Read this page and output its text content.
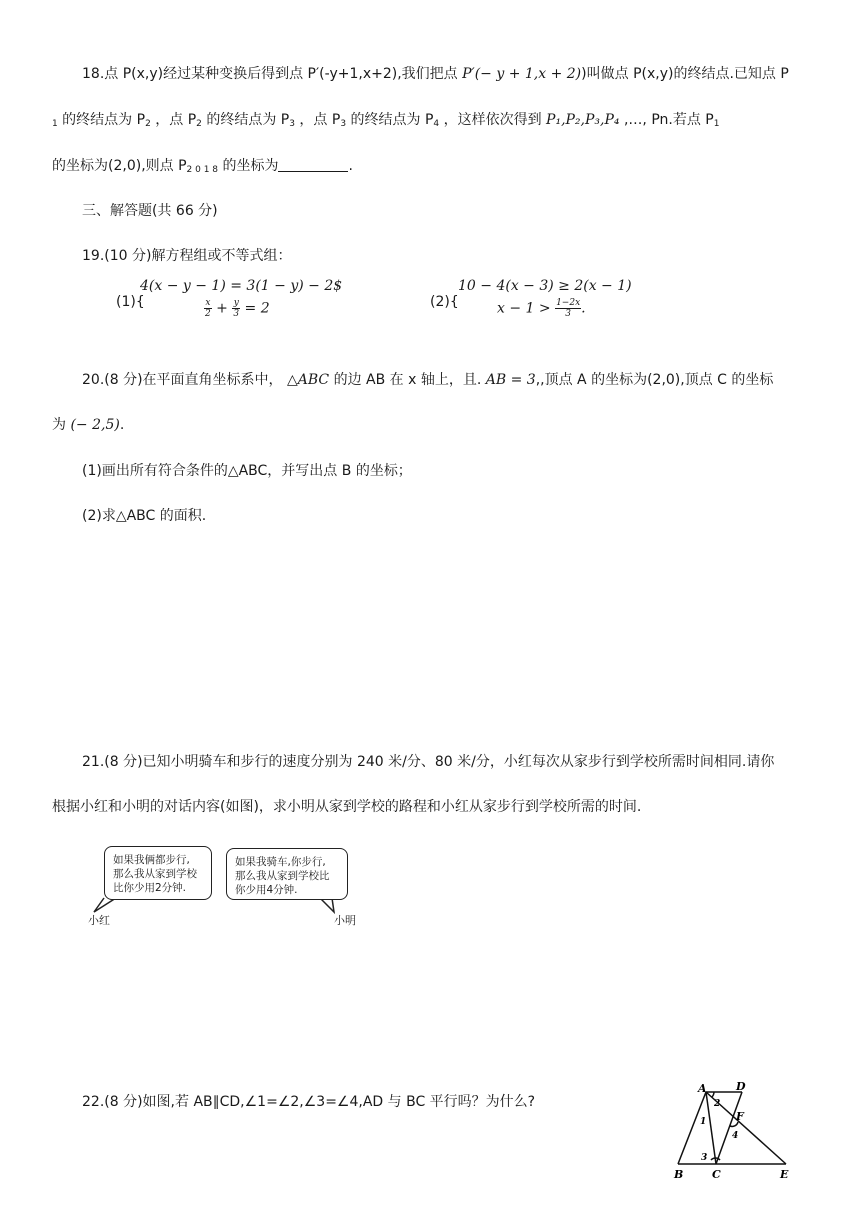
18.点 P(x,y)经过某种变换后得到点 P′(-y+1,x+2),我们把点 P′(− y + 1,x + 2))叫做点 P(x,y)的终结点.已知点 P
$_1$ 的终结点为 $P_2$ ，点 $P_2$ 的终结点为 $P_3$ ，点 $P_3$ 的终结点为 $P_4$ ，这样依次得到 P₁,P₂,P₃,P₄ ,…, Pn.若点 $P_1$
的坐标为(2,0),则点 $P_{2 0 1 8}$ 的坐标为	.
三、解答题(共 66 分)
19.(10 分)解方程组或不等式组：
(1){
4(x − y − 1) = 3(1 − y) − 2$
$\frac{x}{2} + \frac{y}{3} = 2$	(2){
10 − 4(x − 3) ≥ 2(x − 1)
$x - 1 > \frac{1-2x}{3}$ .
20.(8 分)在平面直角坐标系中， △ABC 的边 AB 在 x 轴上，且. AB = 3,,顶点 A 的坐标为(2,0),顶点 C 的坐标
为 (− 2,5).
(1)画出所有符合条件的△ABC，并写出点 B 的坐标；
(2)求△ABC 的面积.
21.(8 分)已知小明骑车和步行的速度分别为 240 米/分、80 米/分，小红每次从家步行到学校所需时间相同.请你
根据小红和小明的对话内容(如图)，求小明从家到学校的路程和小红从家步行到学校所需的时间.
如果我俩都步行,
那么我从家到学校
比你少用2分钟.
如果我骑车,你步行,
那么我从家到学校比
你少用4分钟.
小红	小明
22.(8 分)如图,若 AB∥CD,∠1=∠2,∠3=∠4,AD 与 BC 平行吗？为什么?
A	D
F
B	C	E
1
2
3
4
